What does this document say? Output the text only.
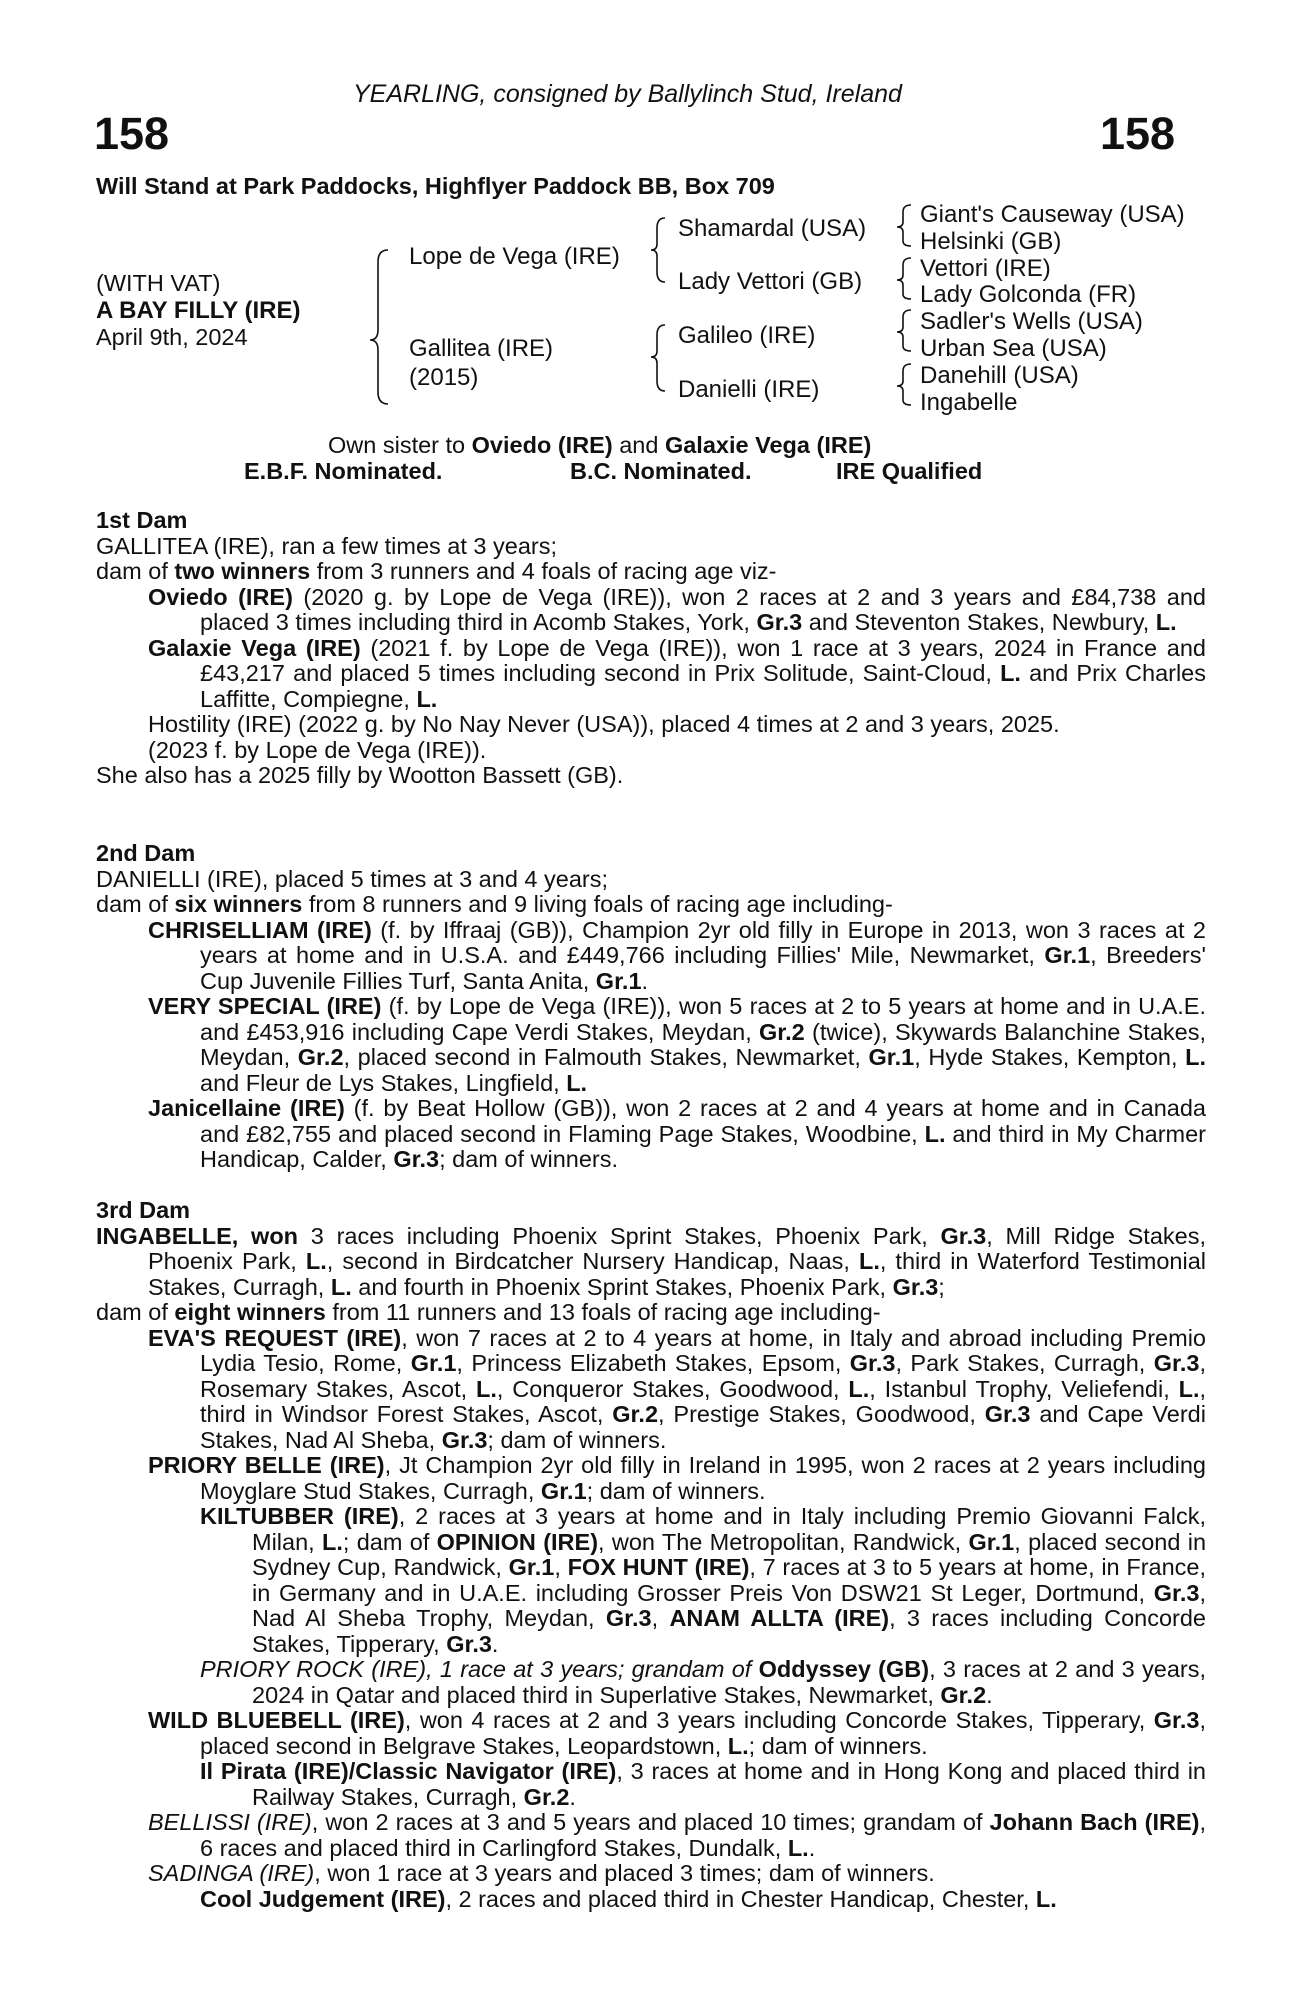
YEARLING, consigned by Ballylinch Stud, Ireland
158	158
Will Stand at Park Paddocks, Highflyer Paddock BB, Box 709
(WITH VAT)
A BAY FILLY (IRE)
April 9th, 2024
Lope de Vega (IRE)
Gallitea (IRE)
(2015)
Shamardal (USA)
Lady Vettori (GB)
Galileo (IRE)
Danielli (IRE)
Giant's Causeway (USA)
Helsinki (GB)
Vettori (IRE)
Lady Golconda (FR)
Sadler's Wells (USA)
Urban Sea (USA)
Danehill (USA)
Ingabelle
Own sister to Oviedo (IRE) and Galaxie Vega (IRE)
E.B.F. Nominated.	B.C. Nominated.	IRE Qualified

1st Dam

GALLITEA (IRE), ran a few times at 3 years;

dam of two winners from 3 runners and 4 foals of racing age viz-

Oviedo (IRE) (2020 g. by Lope de Vega (IRE)), won 2 races at 2 and 3 years and £84,738 and placed 3 times including third in Acomb Stakes, York, Gr.3 and Steventon Stakes, Newbury, L.

Galaxie Vega (IRE) (2021 f. by Lope de Vega (IRE)), won 1 race at 3 years, 2024 in France and £43,217 and placed 5 times including second in Prix Solitude, Saint-Cloud, L. and Prix Charles Laffitte, Compiegne, L.

Hostility (IRE) (2022 g. by No Nay Never (USA)), placed 4 times at 2 and 3 years, 2025.

(2023 f. by Lope de Vega (IRE)).

She also has a 2025 filly by Wootton Bassett (GB).

2nd Dam

DANIELLI (IRE), placed 5 times at 3 and 4 years;

dam of six winners from 8 runners and 9 living foals of racing age including-

CHRISELLIAM (IRE) (f. by Iffraaj (GB)), Champion 2yr old filly in Europe in 2013, won 3 races at 2 years at home and in U.S.A. and £449,766 including Fillies' Mile, Newmarket, Gr.1, Breeders' Cup Juvenile Fillies Turf, Santa Anita, Gr.1.

VERY SPECIAL (IRE) (f. by Lope de Vega (IRE)), won 5 races at 2 to 5 years at home and in U.A.E. and £453,916 including Cape Verdi Stakes, Meydan, Gr.2 (twice), Skywards Balanchine Stakes, Meydan, Gr.2, placed second in Falmouth Stakes, Newmarket, Gr.1, Hyde Stakes, Kempton, L. and Fleur de Lys Stakes, Lingfield, L.

Janicellaine (IRE) (f. by Beat Hollow (GB)), won 2 races at 2 and 4 years at home and in Canada and £82,755 and placed second in Flaming Page Stakes, Woodbine, L. and third in My Charmer Handicap, Calder, Gr.3; dam of winners.

3rd Dam

INGABELLE, won 3 races including Phoenix Sprint Stakes, Phoenix Park, Gr.3, Mill Ridge Stakes, Phoenix Park, L., second in Birdcatcher Nursery Handicap, Naas, L., third in Waterford Testimonial Stakes, Curragh, L. and fourth in Phoenix Sprint Stakes, Phoenix Park, Gr.3;

dam of eight winners from 11 runners and 13 foals of racing age including-

EVA'S REQUEST (IRE), won 7 races at 2 to 4 years at home, in Italy and abroad including Premio Lydia Tesio, Rome, Gr.1, Princess Elizabeth Stakes, Epsom, Gr.3, Park Stakes, Curragh, Gr.3, Rosemary Stakes, Ascot, L., Conqueror Stakes, Goodwood, L., Istanbul Trophy, Veliefendi, L., third in Windsor Forest Stakes, Ascot, Gr.2, Prestige Stakes, Goodwood, Gr.3 and Cape Verdi Stakes, Nad Al Sheba, Gr.3; dam of winners.

PRIORY BELLE (IRE), Jt Champion 2yr old filly in Ireland in 1995, won 2 races at 2 years including Moyglare Stud Stakes, Curragh, Gr.1; dam of winners.

KILTUBBER (IRE), 2 races at 3 years at home and in Italy including Premio Giovanni Falck, Milan, L.; dam of OPINION (IRE), won The Metropolitan, Randwick, Gr.1, placed second in Sydney Cup, Randwick, Gr.1, FOX HUNT (IRE), 7 races at 3 to 5 years at home, in France, in Germany and in U.A.E. including Grosser Preis Von DSW21 St Leger, Dortmund, Gr.3, Nad Al Sheba Trophy, Meydan, Gr.3, ANAM ALLTA (IRE), 3 races including Concorde Stakes, Tipperary, Gr.3.

PRIORY ROCK (IRE), 1 race at 3 years; grandam of Oddyssey (GB), 3 races at 2 and 3 years, 2024 in Qatar and placed third in Superlative Stakes, Newmarket, Gr.2.

WILD BLUEBELL (IRE), won 4 races at 2 and 3 years including Concorde Stakes, Tipperary, Gr.3, placed second in Belgrave Stakes, Leopardstown, L.; dam of winners.

Il Pirata (IRE)/Classic Navigator (IRE), 3 races at home and in Hong Kong and placed third in Railway Stakes, Curragh, Gr.2.

BELLISSI (IRE), won 2 races at 3 and 5 years and placed 10 times; grandam of Johann Bach (IRE), 6 races and placed third in Carlingford Stakes, Dundalk, L..

SADINGA (IRE), won 1 race at 3 years and placed 3 times; dam of winners.

Cool Judgement (IRE), 2 races and placed third in Chester Handicap, Chester, L.
